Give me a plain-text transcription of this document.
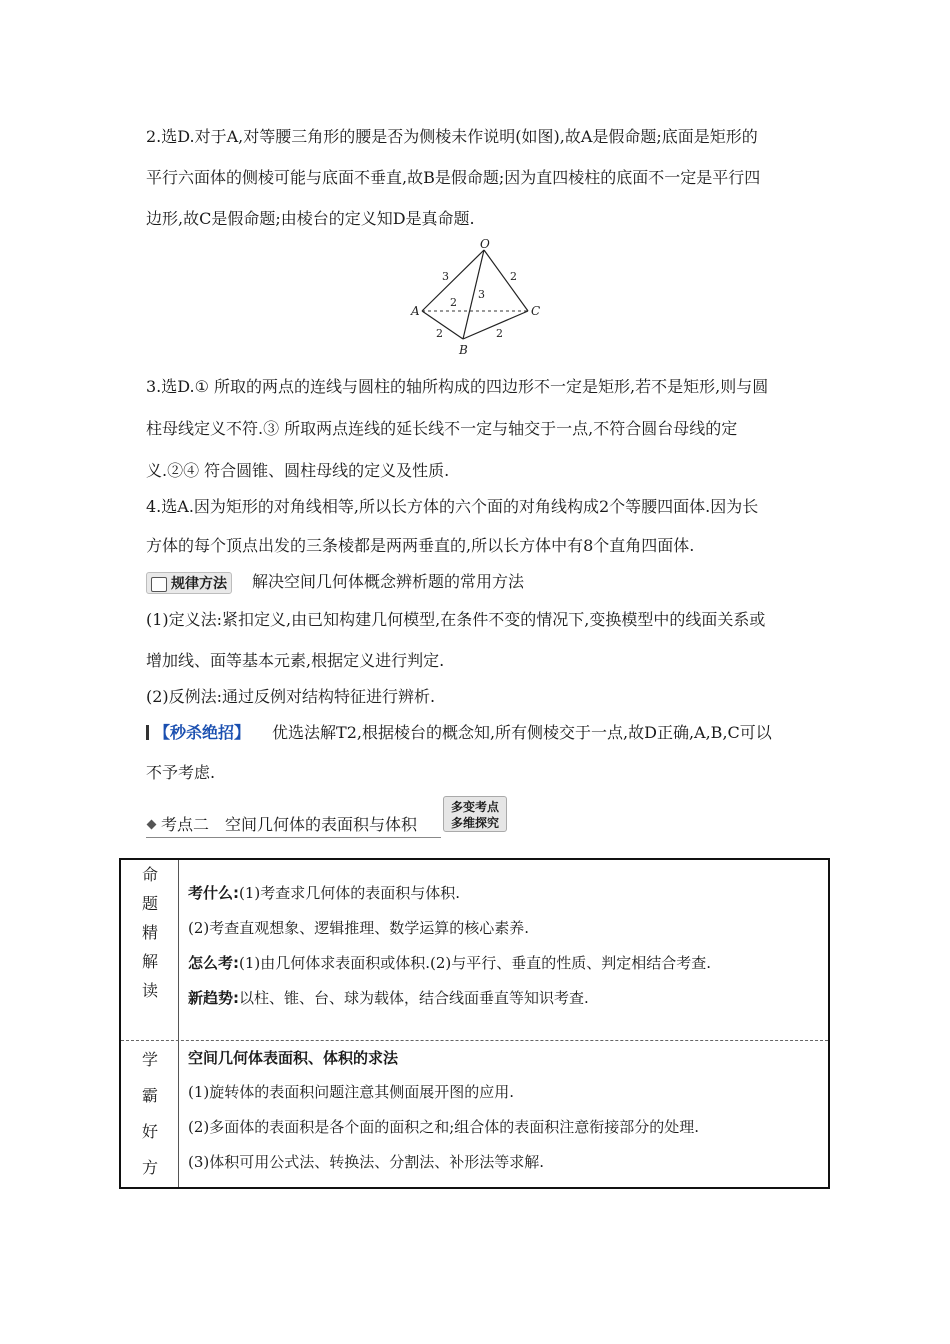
2.选D.对于A,对等腰三角形的腰是否为侧棱未作说明(如图),故A是假命题;底面是矩形的

平行六面体的侧棱可能与底面不垂直,故B是假命题;因为直四棱柱的底面不一定是平行四

边形,故C是假命题;由棱台的定义知D是真命题.

O
A
B
C
3	2
2
3
2	2

3.选D.① 所取的两点的连线与圆柱的轴所构成的四边形不一定是矩形,若不是矩形,则与圆

柱母线定义不符.③ 所取两点连线的延长线不一定与轴交于一点,不符合圆台母线的定

义.②④ 符合圆锥、圆柱母线的定义及性质.

4.选A.因为矩形的对角线相等,所以长方体的六个面的对角线构成2个等腰四面体.因为长

方体的每个顶点出发的三条棱都是两两垂直的,所以长方体中有8个直角四面体.

规律方法 解决空间几何体概念辨析题的常用方法

(1)定义法:紧扣定义,由已知构建几何模型,在条件不变的情况下,变换模型中的线面关系或

增加线、面等基本元素,根据定义进行判定.

(2)反例法:通过反例对结构特征进行辨析.

【秒杀绝招】 优选法解T2,根据棱台的概念知,所有侧棱交于一点,故D正确,A,B,C可以

不予考虑.

考点二　空间几何体的表面积与体积
多变考点
多维探究
命
题
精
解
读
考什么:(1)考查求几何体的表面积与体积.
(2)考查直观想象、逻辑推理、数学运算的核心素养.
怎么考:(1)由几何体求表面积或体积.(2)与平行、垂直的性质、判定相结合考查.
新趋势:以柱、锥、台、球为载体，结合线面垂直等知识考查.
学
霸
好
方
空间几何体表面积、体积的求法
(1)旋转体的表面积问题注意其侧面展开图的应用.
(2)多面体的表面积是各个面的面积之和;组合体的表面积注意衔接部分的处理.
(3)体积可用公式法、转换法、分割法、补形法等求解.
